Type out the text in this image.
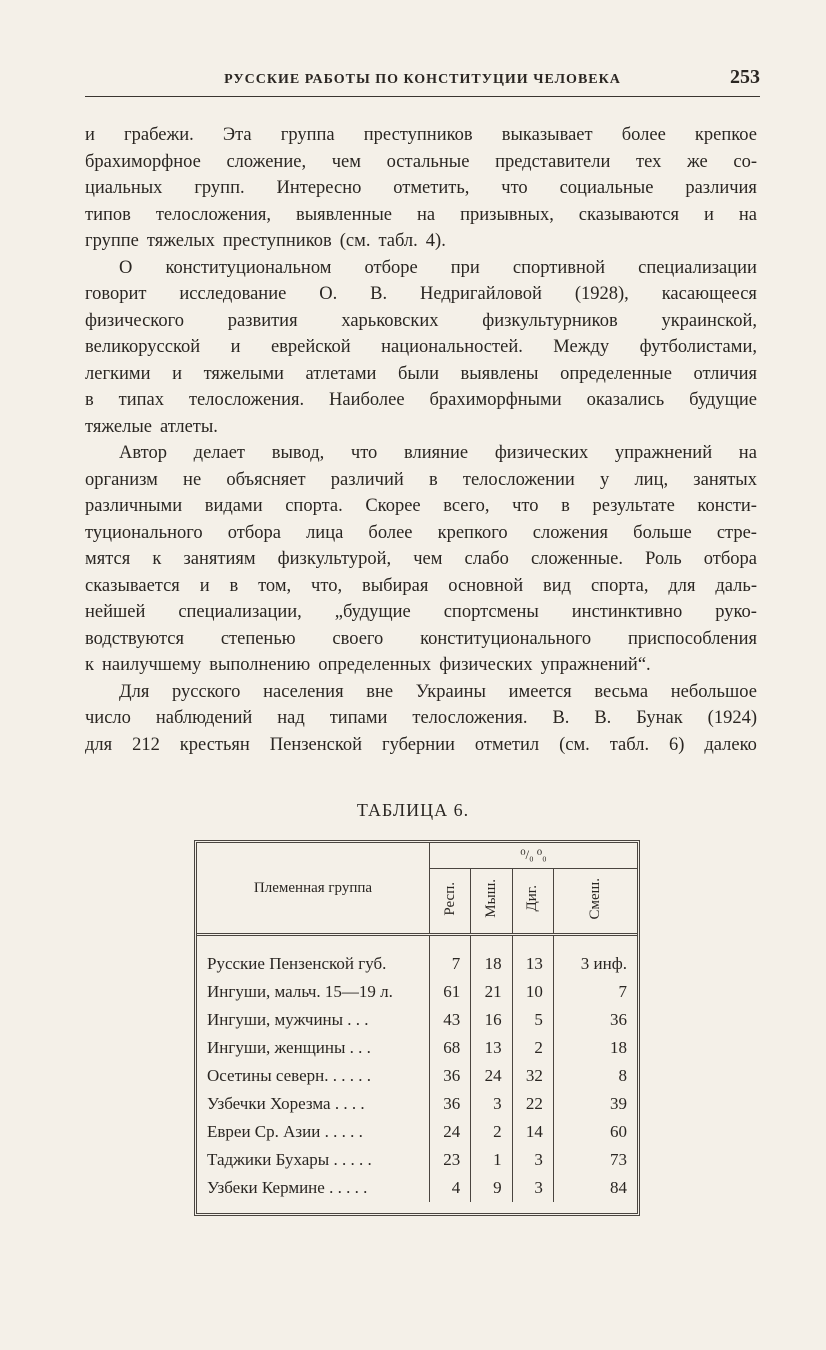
РУССКИЕ РАБОТЫ ПО КОНСТИТУЦИИ ЧЕЛОВЕКА	253
и грабежи. Эта группа преступников выказывает более крепкое
брахиморфное сложение, чем остальные представители тех же со-
циальных групп. Интересно отметить, что социальные различия
типов телосложения, выявленные на призывных, сказываются и на
группе тяжелых преступников (см. табл. 4).
О конституциональном отборе при спортивной специализации
говорит исследование О. В. Недригайловой (1928), касающееся
физического развития харьковских физкультурников украинской,
великорусской и еврейской национальностей. Между футболистами,
легкими и тяжелыми атлетами были выявлены определенные отличия
в типах телосложения. Наиболее брахиморфными оказались будущие
тяжелые атлеты.
Автор делает вывод, что влияние физических упражнений на
организм не объясняет различий в телосложении у лиц, занятых
различными видами спорта. Скорее всего, что в результате консти-
туционального отбора лица более крепкого сложения больше стре-
мятся к занятиям физкультурой, чем слабо сложенные. Роль отбора
сказывается и в том, что, выбирая основной вид спорта, для даль-
нейшей специализации, „будущие спортсмены инстинктивно руко-
водствуются степенью своего конституционального приспособления
к наилучшему выполнению определенных физических упражнений“.
Для русского населения вне Украины имеется весьма небольшое
число наблюдений над типами телосложения. В. В. Бунак (1924)
для 212 крестьян Пензенской губернии отметил (см. табл. 6) далеко
ТАБЛИЦА 6.
Племенная группа	⁰/₀ ⁰₀			
	Респ.	Мыш.	Диг.	Смеш.
Русские Пензенской губ.	7	18	13	3 инф.
Ингуши, мальч. 15—19 л.	61	21	10	7
Ингуши, мужчины . . .	43	16	5	36
Ингуши, женщины . . .	68	13	2	18
Осетины северн. . . . . .	36	24	32	8
Узбечки Хорезма . . . .	36	3	22	39
Евреи Ср. Азии . . . . .	24	2	14	60
Таджики Бухары . . . . .	23	1	3	73
Узбеки Кермине . . . . .	4	9	3	84
